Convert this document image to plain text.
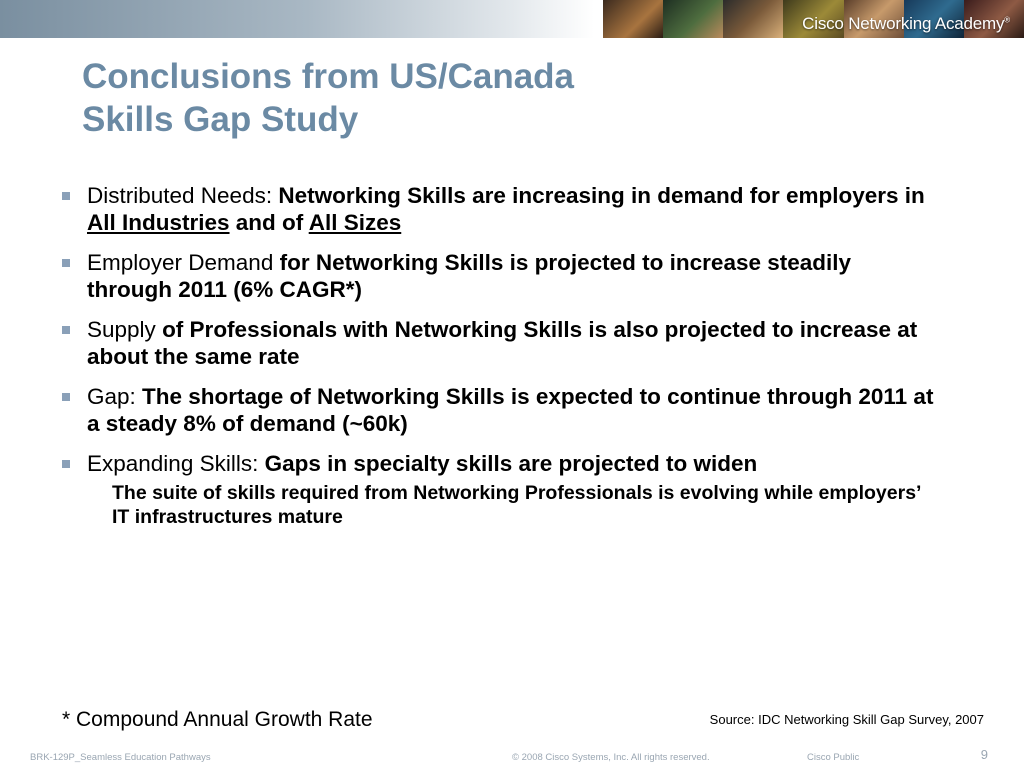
Cisco Networking Academy®
Conclusions from US/Canada
Skills Gap Study
Distributed Needs: Networking Skills are increasing in demand for employers in All Industries and of All Sizes
Employer Demand for Networking Skills is projected to increase steadily through 2011 (6% CAGR*)
Supply of Professionals with Networking Skills is also projected to increase at about the same rate
Gap: The shortage of Networking Skills is expected to continue through 2011 at a steady 8% of demand (~60k)
Expanding Skills: Gaps in specialty skills are projected to widen
The suite of skills required from Networking Professionals is evolving while employers’ IT infrastructures mature
* Compound Annual Growth Rate	Source: IDC Networking Skill Gap Survey, 2007
BRK-129P_Seamless Education Pathways	© 2008 Cisco Systems, Inc. All rights reserved.	Cisco Public	9
